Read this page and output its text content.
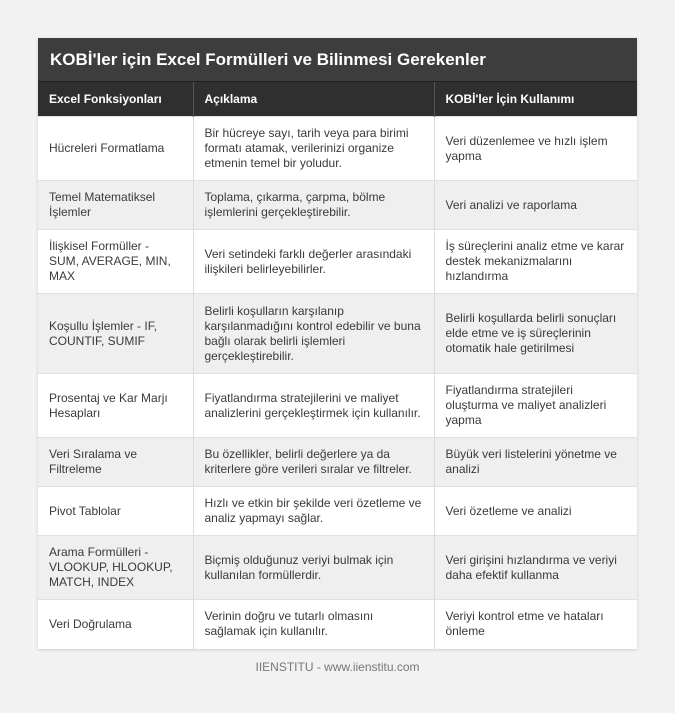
KOBİ'ler için Excel Formülleri ve Bilinmesi Gerekenler
Excel Fonksiyonları	Açıklama	KOBİ'ler İçin Kullanımı
Hücreleri Formatlama	Bir hücreye sayı, tarih veya para birimi formatı atamak, verilerinizi organize etmenin temel bir yoludur.	Veri düzenlemee ve hızlı işlem yapma
Temel Matematiksel İşlemler	Toplama, çıkarma, çarpma, bölme işlemlerini gerçekleştirebilir.	Veri analizi ve raporlama
İlişkisel Formüller - SUM, AVERAGE, MIN, MAX	Veri setindeki farklı değerler arasındaki ilişkileri belirleyebilirler.	İş süreçlerini analiz etme ve karar destek mekanizmalarını hızlandırma
Koşullu İşlemler - IF, COUNTIF, SUMIF	Belirli koşulların karşılanıp karşılanmadığını kontrol edebilir ve buna bağlı olarak belirli işlemleri gerçekleştirebilir.	Belirli koşullarda belirli sonuçları elde etme ve iş süreçlerinin otomatik hale getirilmesi
Prosentaj ve Kar Marjı Hesapları	Fiyatlandırma stratejilerini ve maliyet analizlerini gerçekleştirmek için kullanılır.	Fiyatlandırma stratejileri oluşturma ve maliyet analizleri yapma
Veri Sıralama ve Filtreleme	Bu özellikler, belirli değerlere ya da kriterlere göre verileri sıralar ve filtreler.	Büyük veri listelerini yönetme ve analizi
Pivot Tablolar	Hızlı ve etkin bir şekilde veri özetleme ve analiz yapmayı sağlar.	Veri özetleme ve analizi
Arama Formülleri - VLOOKUP, HLOOKUP, MATCH, INDEX	Biçmiş olduğunuz veriyi bulmak için kullanılan formüllerdir.	Veri girişini hızlandırma ve veriyi daha efektif kullanma
Veri Doğrulama	Verinin doğru ve tutarlı olmasını sağlamak için kullanılır.	Veriyi kontrol etme ve hataları önleme
IIENSTITU - www.iienstitu.com
